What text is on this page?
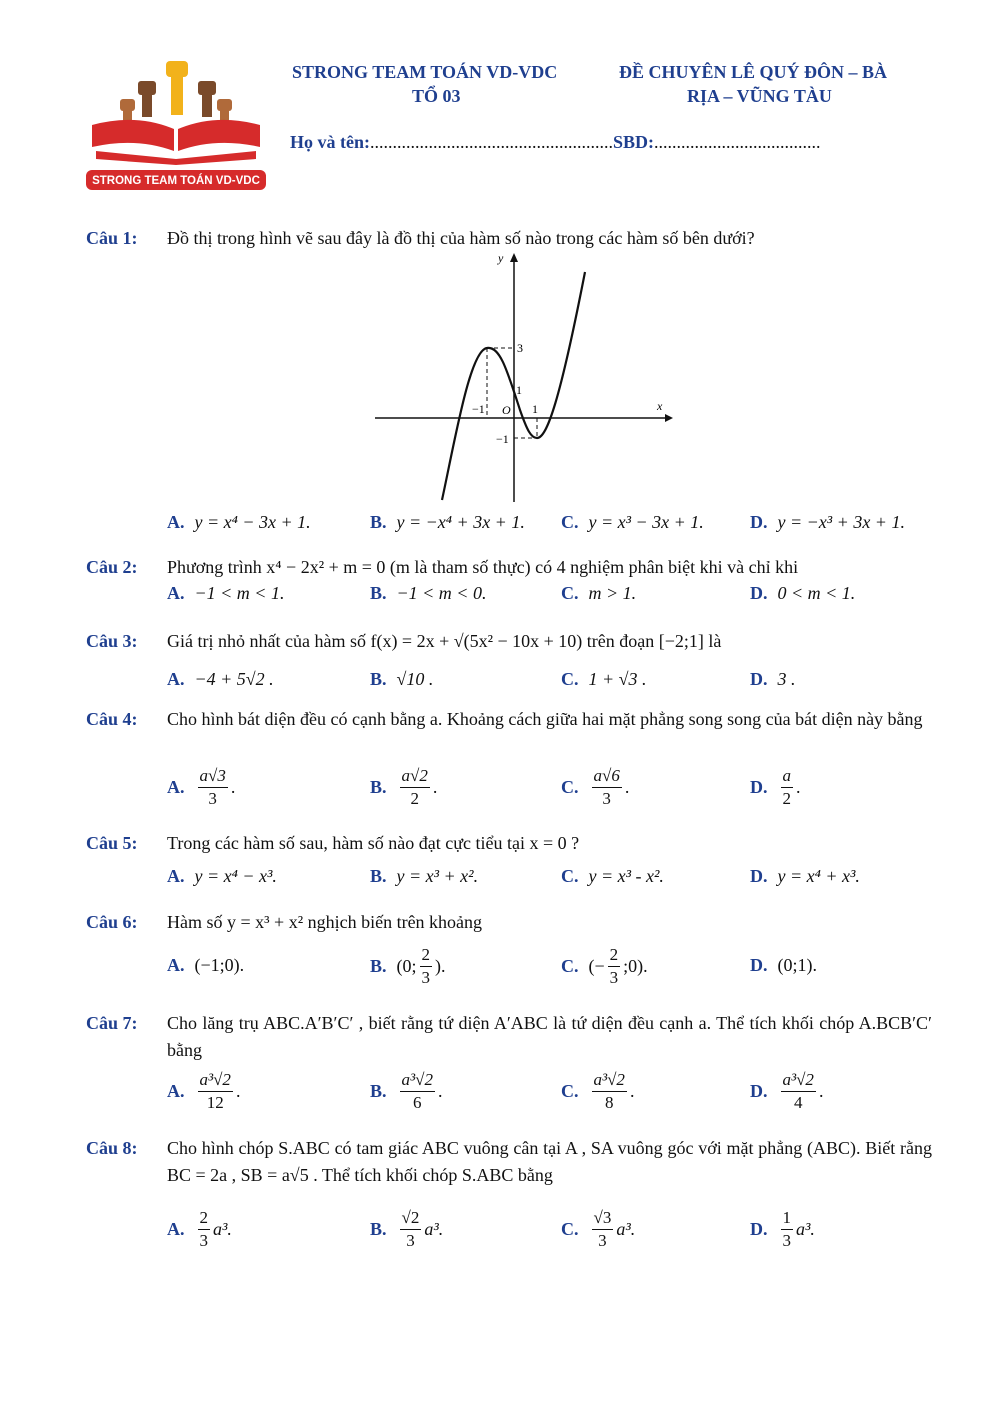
STRONG TEAM TOÁN VD-VDC
STRONG TEAM TOÁN VD-VDC
TỔ 03
ĐỀ CHUYÊN LÊ QUÝ ĐÔN – BÀ
RỊA – VŨNG TÀU
Họ và tên:......................................................SBD:.....................................
Câu 1: Đồ thị trong hình vẽ sau đây là đồ thị của hàm số nào trong các hàm số bên dưới?
x
y
3
1
−1 O 1
−1
A. y = x⁴ − 3x + 1.	B. y = −x⁴ + 3x + 1. C. y = x³ − 3x + 1.	D. y = −x³ + 3x + 1.
Câu 2: Phương trình x⁴ − 2x² + m = 0 (m là tham số thực) có 4 nghiệm phân biệt khi và chỉ khi
A. −1 < m < 1.	B. −1 < m < 0.	C. m > 1.	D. 0 < m < 1.
Câu 3: Giá trị nhỏ nhất của hàm số f(x) = 2x + √(5x² − 10x + 10) trên đoạn [−2;1] là
A. −4 + 5√2 .	B. √10 .	C. 1 + √3 .	D. 3 .
Câu 4: Cho hình bát diện đều có cạnh bằng a. Khoảng cách giữa hai mặt phẳng song song của bát diện này bằng
A. $\frac{a√3}{3}$ .	B. $\frac{a√2}{2}$ .	C. $\frac{a√6}{3}$ .	D. $\frac{a}{2}$ .
Câu 5: Trong các hàm số sau, hàm số nào đạt cực tiểu tại x = 0 ?
A. y = x⁴ − x³.	B. y = x³ + x².	C. y = x³ - x².	D. y = x⁴ + x³.
Câu 6: Hàm số y = x³ + x² nghịch biến trên khoảng
A. (−1;0).	B. (0; $\frac{2}{3}$ ).	C. (− $\frac{2}{3}$ ;0).	D. (0;1).
Câu 7: Cho lăng trụ ABC.A′B′C′ , biết rằng tứ diện A′ABC là tứ diện đều cạnh a. Thể tích khối chóp A.BCB′C′ bằng
A. $\frac{\text{a³√2}}{12}$ .	B. $\frac{\text{a³√2}}{6}$ .	C. $\frac{\text{a³√2}}{8}$ .	D. $\frac{\text{a³√2}}{4}$ .
Câu 8: Cho hình chóp S.ABC có tam giác ABC vuông cân tại A , SA vuông góc với mặt phẳng (ABC). Biết rằng BC = 2a , SB = a√5 . Thể tích khối chóp S.ABC bằng
A. $\frac{2}{3} a^3$.	B. $\frac{√2}{3} a^3$.	C. $\frac{√3}{3} a^3$.	D. $\frac{1}{3} a^3$.
